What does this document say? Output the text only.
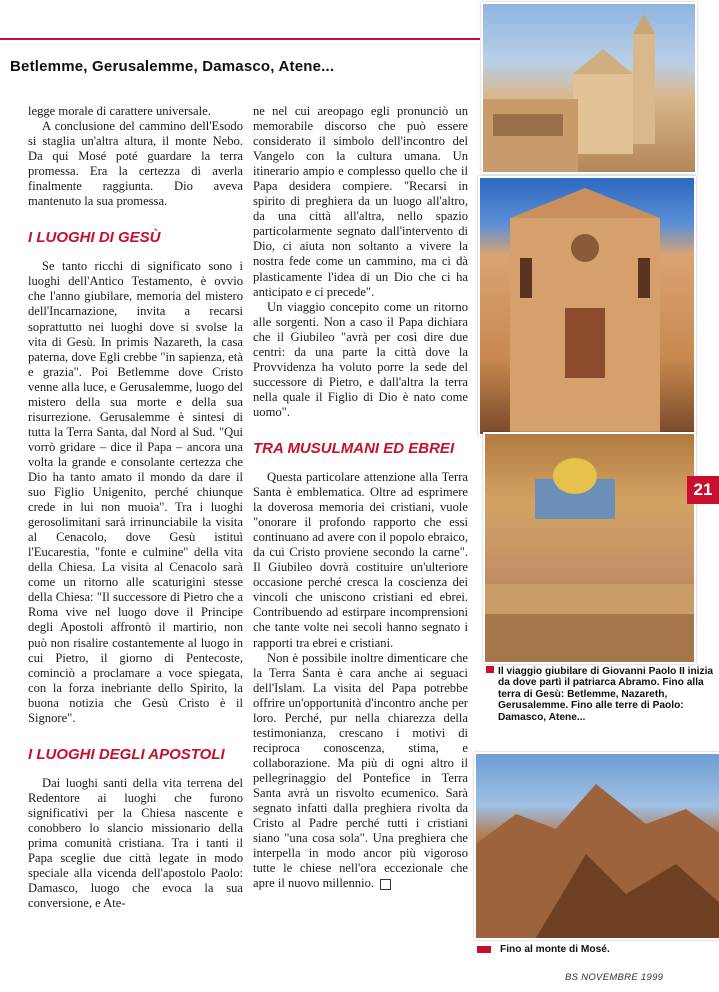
Betlemme, Gerusalemme, Damasco, Atene...

legge morale di carattere universale.

A conclusione del cammino dell'Esodo si staglia un'altra altura, il monte Nebo. Da qui Mosé poté guardare la terra promessa. Era la certezza di averla finalmente raggiunta. Dio aveva mantenuto la sua promessa.

I LUOGHI DI GESÙ

Se tanto ricchi di significato sono i luoghi dell'Antico Testamento, è ovvio che l'anno giubilare, memoria del mistero dell'Incarnazione, invita a recarsi soprattutto nei luoghi dove si svolse la vita di Gesù. In primis Nazareth, la casa paterna, dove Egli crebbe "in sapienza, età e grazia". Poi Betlemme dove Cristo venne alla luce, e Gerusalemme, luogo del mistero della sua morte e della sua risurrezione. Gerusalemme è sintesi di tutta la Terra Santa, dal Nord al Sud. "Qui vorrò gridare – dice il Papa – ancora una volta la grande e consolante certezza che Dio ha tanto amato il mondo da dare il suo Figlio Unigenito, perché chiunque crede in lui non muoia". Tra i luoghi gerosolimitani sarà irrinunciabile la visita al Cenacolo, dove Gesù istituì l'Eucarestia, "fonte e culmine" della vita della Chiesa. La visita al Cenacolo sarà come un ritorno alle scaturigini stesse della Chiesa: "Il successore di Pietro che a Roma vive nel luogo dove il Principe degli Apostoli affrontò il martirio, non può non risalire costantemente al luogo in cui Pietro, il giorno di Pentecoste, cominciò a proclamare a voce spiegata, con la forza inebriante dello Spirito, la buona notizia che Gesù Cristo è il Signore".

I LUOGHI DEGLI APOSTOLI

Dai luoghi santi della vita terrena del Redentore ai luoghi che furono significativi per la Chiesa nascente e conobbero lo slancio missionario della prima comunità cristiana. Tra i tanti il Papa sceglie due città legate in modo speciale alla vicenda dell'apostolo Paolo: Damasco, luogo che evoca la sua conversione, e Ate-

ne nel cui areopago egli pronunciò un memorabile discorso che può essere considerato il simbolo dell'incontro del Vangelo con la cultura umana. Un itinerario ampio e complesso quello che il Papa desidera compiere. "Recarsi in spirito di preghiera da un luogo all'altro, da una città all'altra, nello spazio particolarmente segnato dall'intervento di Dio, ci aiuta non soltanto a vivere la nostra fede come un cammino, ma ci dà plasticamente l'idea di un Dio che ci ha anticipato e ci precede".

Un viaggio concepito come un ritorno alle sorgenti. Non a caso il Papa dichiara che il Giubileo "avrà per così dire due centri: da una parte la città dove la Provvidenza ha voluto porre la sede del successore di Pietro, e dall'altra la terra nella quale il Figlio di Dio è nato come uomo".

TRA MUSULMANI ED EBREI

Questa particolare attenzione alla Terra Santa è emblematica. Oltre ad esprimere la doverosa memoria dei cristiani, vuole "onorare il profondo rapporto che essi continuano ad avere con il popolo ebraico, da cui Cristo proviene secondo la carne". Il Giubileo dovrà costituire un'ulteriore occasione perché cresca la coscienza dei vincoli che uniscono cristiani ed ebrei. Contribuendo ad estirpare incomprensioni che tante volte nei secoli hanno segnato i rapporti tra ebrei e cristiani.

Non è possibile inoltre dimenticare che la Terra Santa è cara anche ai seguaci dell'Islam. La visita del Papa potrebbe offrire un'opportunità d'incontro anche per loro. Perché, pur nella chiarezza della testimonianza, crescano i motivi di reciproca conoscenza, stima, e collaborazione. Ma più di ogni altro il pellegrinaggio del Pontefice in Terra Santa avrà un risvolto ecumenico. Sarà segnato infatti dalla preghiera rivolta da Cristo al Padre perché tutti i cristiani siano "una cosa sola". Una preghiera che interpella in modo ancor più vigoroso tutte le chiese nell'ora eccezionale che apre il nuovo millennio.

21
Il viaggio giubilare di Giovanni Paolo II inizia da dove partì il patriarca Abramo. Fino alla terra di Gesù: Betlemme, Nazareth, Gerusalemme. Fino alle terre di Paolo: Damasco, Atene...
Fino al monte di Mosé.
BS NOVEMBRE 1999
